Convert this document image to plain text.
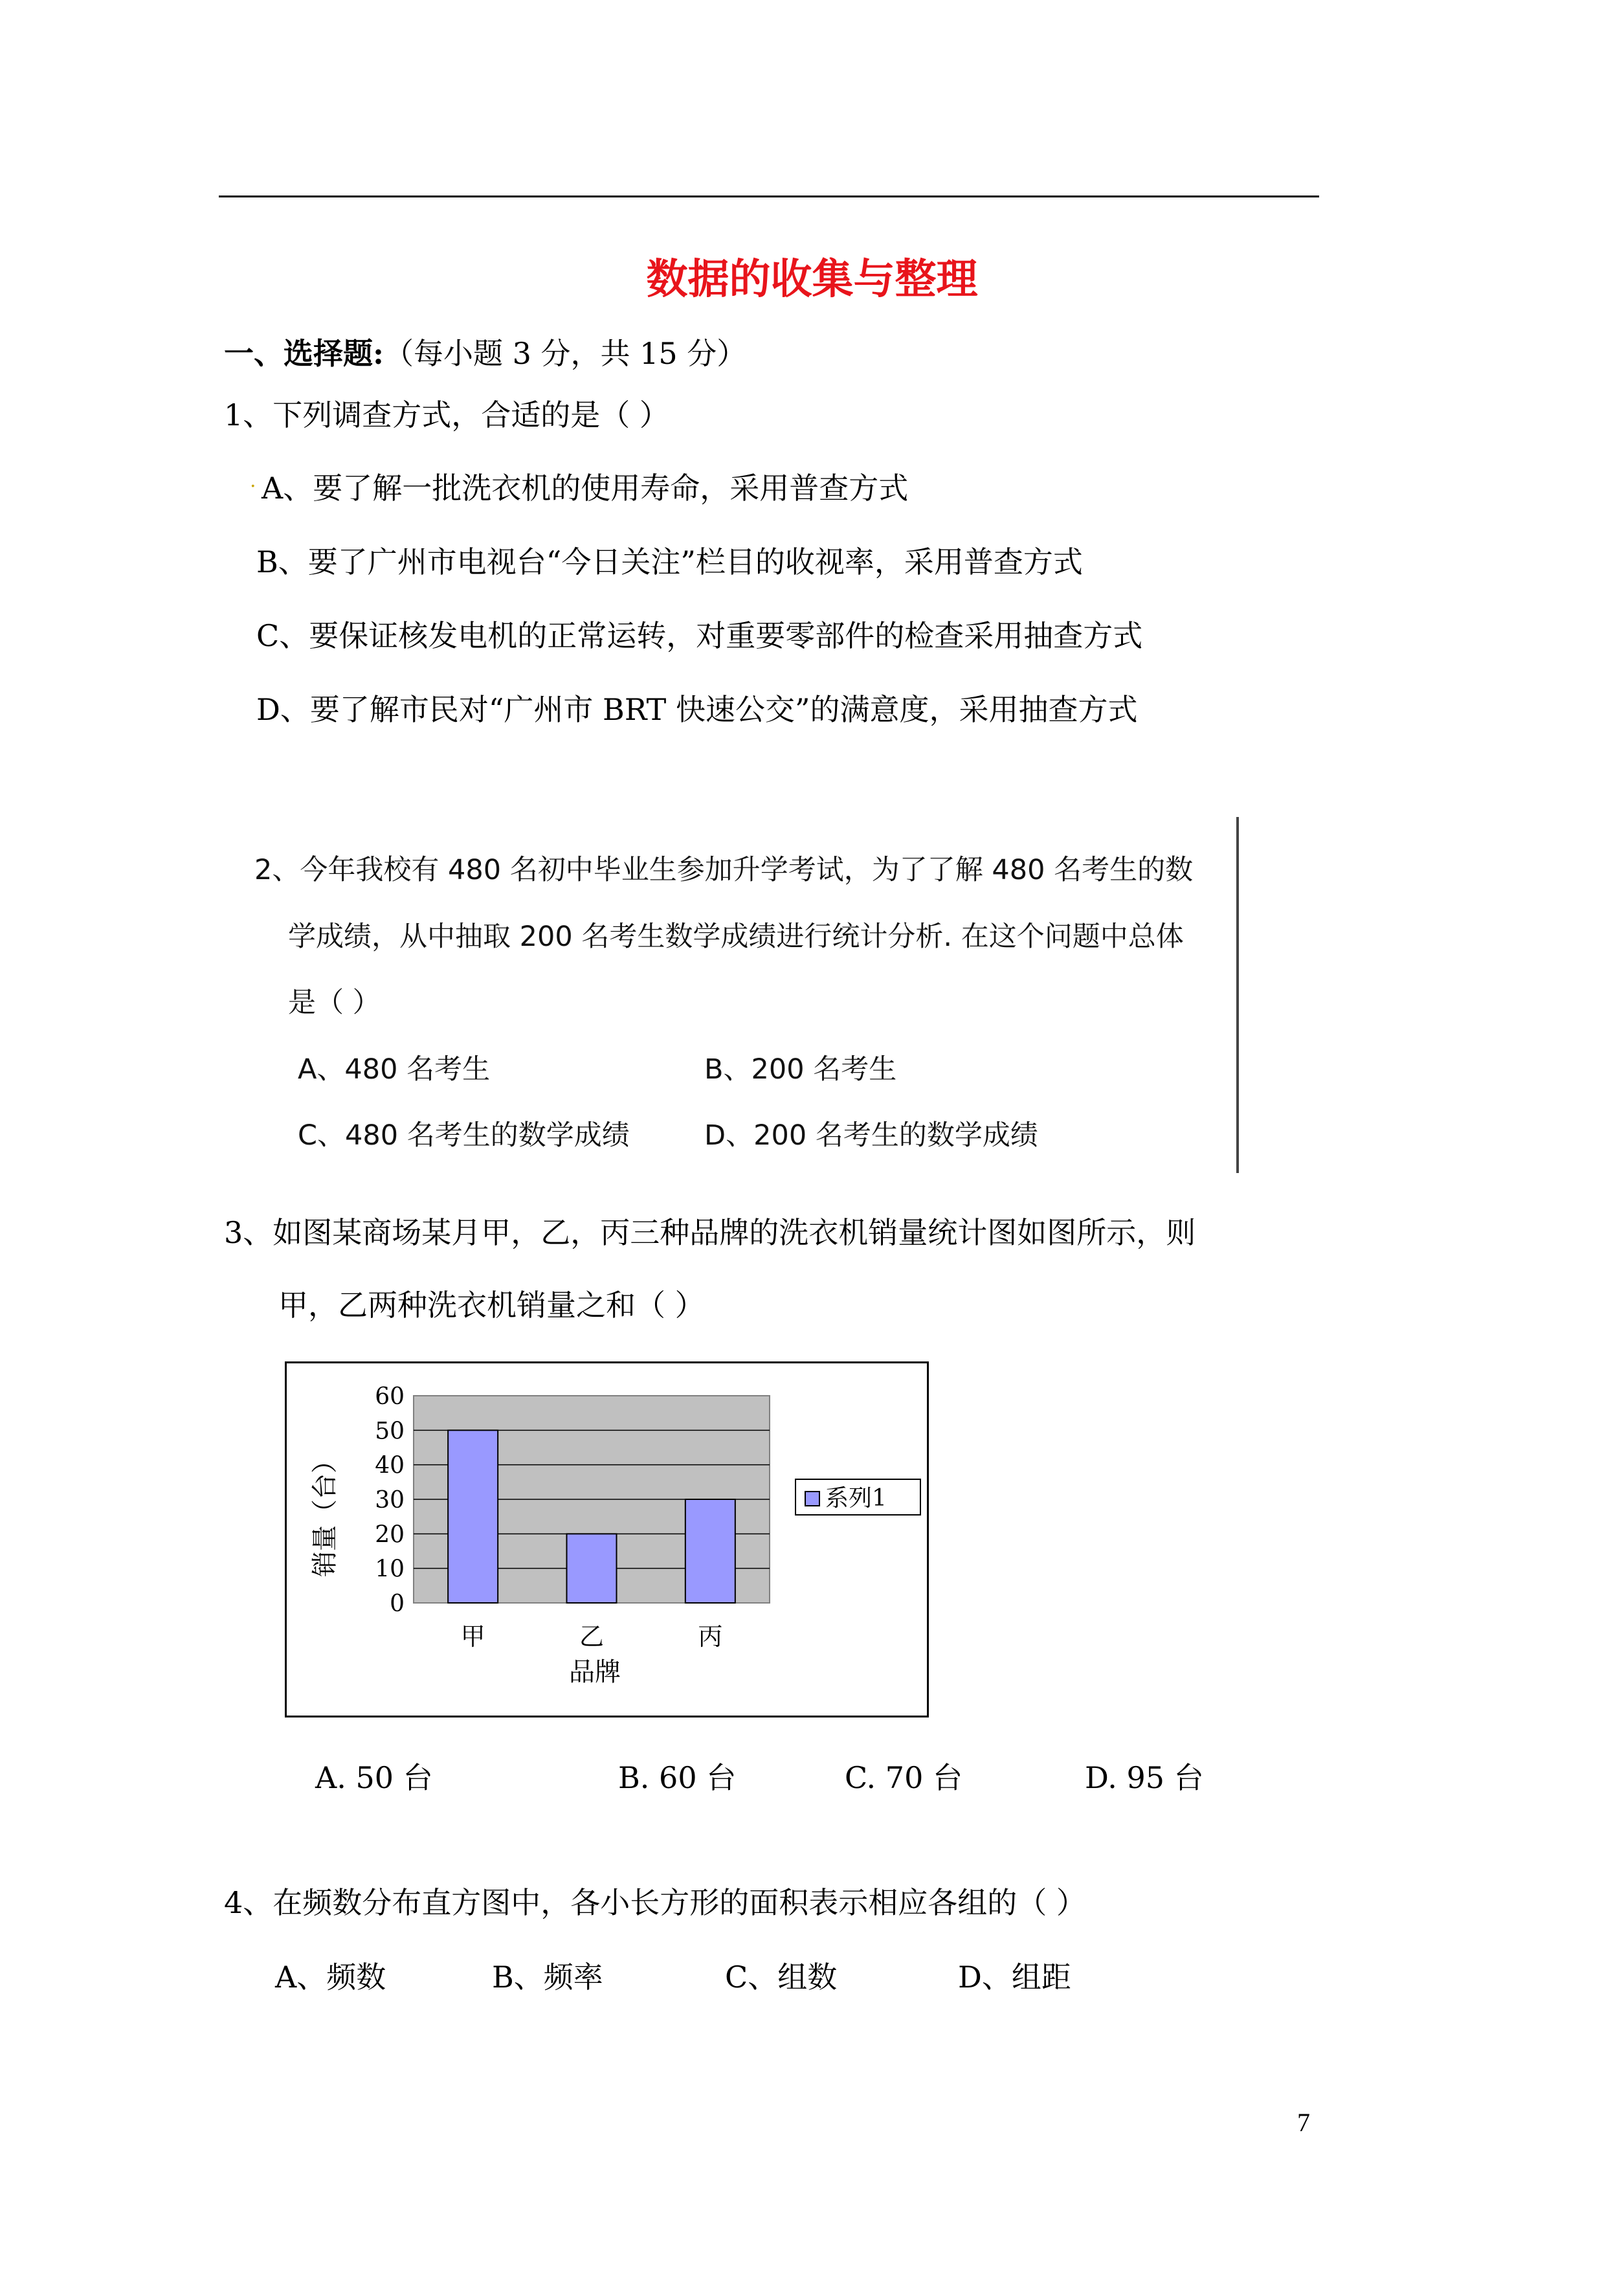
数据的收集与整理
一、选择题:（每小题 3 分，共 15 分）
1、下列调查方式，合适的是（ ）
. A、要了解一批洗衣机的使用寿命，采用普查方式
B、要了广州市电视台“今日关注”栏目的收视率，采用普查方式
C、要保证核发电机的正常运转，对重要零部件的检查采用抽查方式
D、要了解市民对“广州市 BRT 快速公交”的满意度，采用抽查方式
2、今年我校有 480 名初中毕业生参加升学考试，为了了解 480 名考生的数
学成绩，从中抽取 200 名考生数学成绩进行统计分析. 在这个问题中总体
是（ ）
A、480 名考生	B、200 名考生
C、480 名考生的数学成绩	D、200 名考生的数学成绩
3、如图某商场某月甲，乙，丙三种品牌的洗衣机销量统计图如图所示，则
甲，乙两种洗衣机销量之和（ ）
0
10
20
30
40
50
60
甲	乙	丙
销量（台）
品牌
系列1
A. 50 台	B. 60 台	C. 70 台	D. 95 台
4、在频数分布直方图中，各小长方形的面积表示相应各组的（ ）
A、频数	B、频率	C、组数	D、组距
7
